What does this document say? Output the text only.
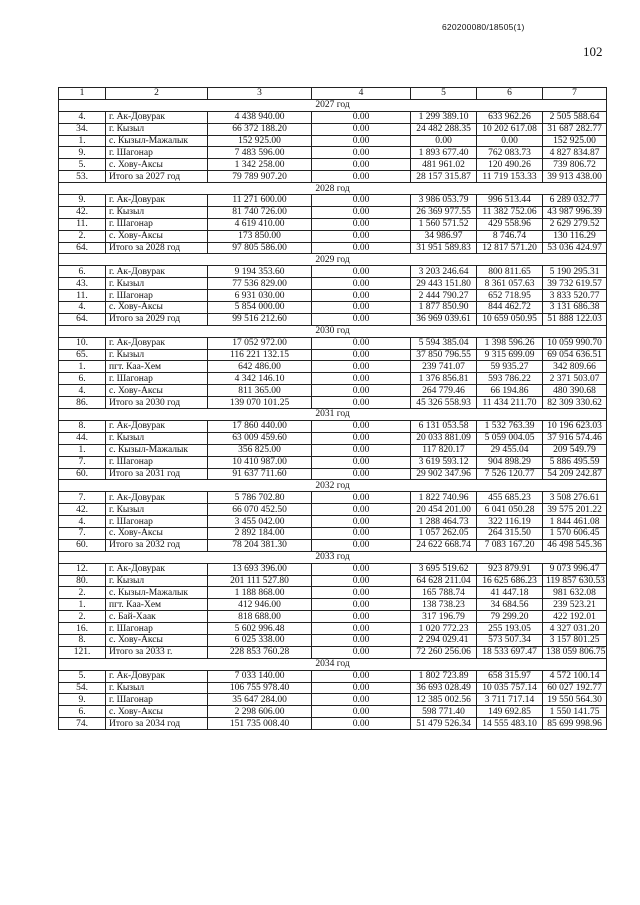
620200080/18505(1)
102
1	2	3	4	5	6	7
2027 год						
4.	г. Ак-Довурак	4 438 940.00	0.00	1 299 389.10	633 962.26	2 505 588.64
34.	г. Кызыл	66 372 188.20	0.00	24 482 288.35	10 202 617.08	31 687 282.77
1.	с. Кызыл-Мажалык	152 925.00	0.00	0.00	0.00	152 925.00
9.	г. Шагонар	7 483 596.00	0.00	1 893 677.40	762 083.73	4 827 834.87
5.	с. Хову-Аксы	1 342 258.00	0.00	481 961.02	120 490.26	739 806.72
53.	Итого за 2027 год	79 789 907.20	0.00	28 157 315.87	11 719 153.33	39 913 438.00
2028 год						
9.	г. Ак-Довурак	11 271 600.00	0.00	3 986 053.79	996 513.44	6 289 032.77
42.	г. Кызыл	81 740 726.00	0.00	26 369 977.55	11 382 752.06	43 987 996.39
11.	г. Шагонар	4 619 410.00	0.00	1 560 571.52	429 558.96	2 629 279.52
2.	с. Хову-Аксы	173 850.00	0.00	34 986.97	8 746.74	130 116.29
64.	Итого за 2028 год	97 805 586.00	0.00	31 951 589.83	12 817 571.20	53 036 424.97
2029 год						
6.	г. Ак-Довурак	9 194 353.60	0.00	3 203 246.64	800 811.65	5 190 295.31
43.	г. Кызыл	77 536 829.00	0.00	29 443 151.80	8 361 057.63	39 732 619.57
11.	г. Шагонар	6 931 030.00	0.00	2 444 790.27	652 718.95	3 833 520.77
4.	с. Хову-Аксы	5 854 000.00	0.00	1 877 850.90	844 462.72	3 131 686.38
64.	Итого за 2029 год	99 516 212.60	0.00	36 969 039.61	10 659 050.95	51 888 122.03
2030 год						
10.	г. Ак-Довурак	17 052 972.00	0.00	5 594 385.04	1 398 596.26	10 059 990.70
65.	г. Кызыл	116 221 132.15	0.00	37 850 796.55	9 315 699.09	69 054 636.51
1.	пгт. Каа-Хем	642 486.00	0.00	239 741.07	59 935.27	342 809.66
6.	г. Шагонар	4 342 146.10	0.00	1 376 856.81	593 786.22	2 371 503.07
4.	с. Хову-Аксы	811 365.00	0.00	264 779.46	66 194.86	480 390.68
86.	Итого за 2030 год	139 070 101.25	0.00	45 326 558.93	11 434 211.70	82 309 330.62
2031 год						
8.	г. Ак-Довурак	17 860 440.00	0.00	6 131 053.58	1 532 763.39	10 196 623.03
44.	г. Кызыл	63 009 459.60	0.00	20 033 881.09	5 059 004.05	37 916 574.46
1.	с. Кызыл-Мажалык	356 825.00	0.00	117 820.17	29 455.04	209 549.79
7.	г. Шагонар	10 410 987.00	0.00	3 619 593.12	904 898.29	5 886 495.59
60.	Итого за 2031 год	91 637 711.60	0.00	29 902 347.96	7 526 120.77	54 209 242.87
2032 год						
7.	г. Ак-Довурак	5 786 702.80	0.00	1 822 740.96	455 685.23	3 508 276.61
42.	г. Кызыл	66 070 452.50	0.00	20 454 201.00	6 041 050.28	39 575 201.22
4.	г. Шагонар	3 455 042.00	0.00	1 288 464.73	322 116.19	1 844 461.08
7.	с. Хову-Аксы	2 892 184.00	0.00	1 057 262.05	264 315.50	1 570 606.45
60.	Итого за 2032 год	78 204 381.30	0.00	24 622 668.74	7 083 167.20	46 498 545.36
2033 год						
12.	г. Ак-Довурак	13 693 396.00	0.00	3 695 519.62	923 879.91	9 073 996.47
80.	г. Кызыл	201 111 527.80	0.00	64 628 211.04	16 625 686.23	119 857 630.53
2.	с. Кызыл-Мажалык	1 188 868.00	0.00	165 788.74	41 447.18	981 632.08
1.	пгт. Каа-Хем	412 946.00	0.00	138 738.23	34 684.56	239 523.21
2.	с. Бай-Хаак	818 688.00	0.00	317 196.79	79 299.20	422 192.01
16.	г. Шагонар	5 602 996.48	0.00	1 020 772.23	255 193.05	4 327 031.20
8.	с. Хову-Аксы	6 025 338.00	0.00	2 294 029.41	573 507.34	3 157 801.25
121.	Итого за 2033 г.	228 853 760.28	0.00	72 260 256.06	18 533 697.47	138 059 806.75
2034 год						
5.	г. Ак-Довурак	7 033 140.00	0.00	1 802 723.89	658 315.97	4 572 100.14
54.	г. Кызыл	106 755 978.40	0.00	36 693 028.49	10 035 757.14	60 027 192.77
9.	г. Шагонар	35 647 284.00	0.00	12 385 002.56	3 711 717.14	19 550 564.30
6.	с. Хову-Аксы	2 298 606.00	0.00	598 771.40	149 692.85	1 550 141.75
74.	Итого за 2034 год	151 735 008.40	0.00	51 479 526.34	14 555 483.10	85 699 998.96
